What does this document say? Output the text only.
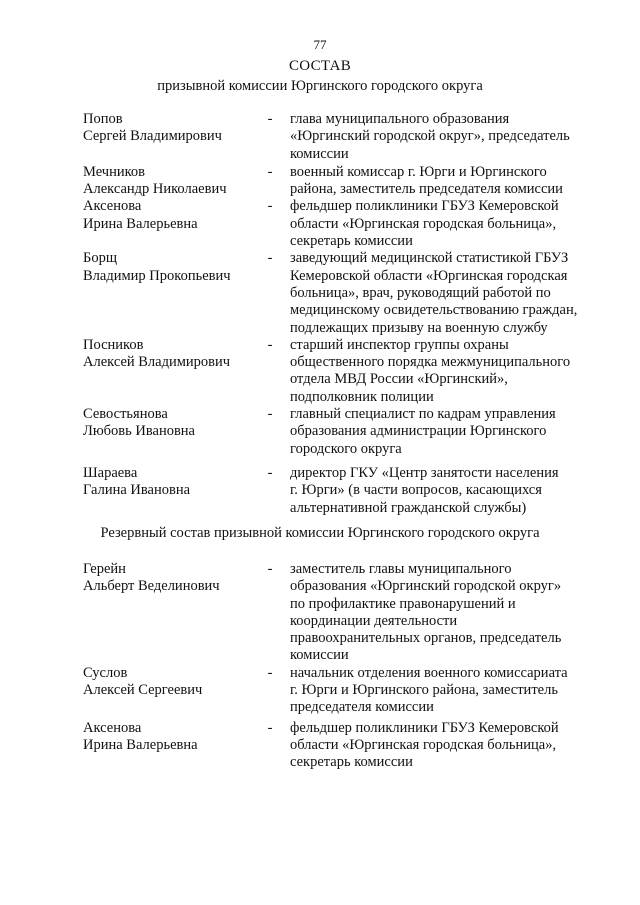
77
СОСТАВ
призывной комиссии Юргинского городского округа
Попов
Сергей Владимирович
- глава муниципального образования
«Юргинский городской округ», председатель
комиссии
Мечников
Александр Николаевич
- военный комиссар г. Юрги и Юргинского
района, заместитель председателя комиссии
Аксенова
Ирина Валерьевна
- фельдшер поликлиники ГБУЗ Кемеровской
области «Юргинская городская больница»,
секретарь комиссии
Борщ
Владимир Прокопьевич
- заведующий медицинской статистикой ГБУЗ
Кемеровской области «Юргинская городская
больница», врач, руководящий работой по
медицинскому освидетельствованию граждан,
подлежащих призыву на военную службу
Посников
Алексей Владимирович
- старший инспектор группы охраны
общественного порядка межмуниципального
отдела МВД России «Юргинский»,
подполковник полиции
Севостьянова
Любовь Ивановна
- главный специалист по кадрам управления
образования администрации Юргинского
городского округа
Шараева
Галина Ивановна
- директор ГКУ «Центр занятости населения
г. Юрги» (в части вопросов, касающихся
альтернативной гражданской службы)
Резервный состав призывной комиссии Юргинского городского округа
Герейн
Альберт Веделинович
- заместитель главы муниципального
образования «Юргинский городской округ»
по профилактике правонарушений и
координации деятельности
правоохранительных органов, председатель
комиссии
Суслов
Алексей Сергеевич
- начальник отделения военного комиссариата
г. Юрги и Юргинского района, заместитель
председателя комиссии
Аксенова
Ирина Валерьевна
- фельдшер поликлиники ГБУЗ Кемеровской
области «Юргинская городская больница»,
секретарь комиссии
